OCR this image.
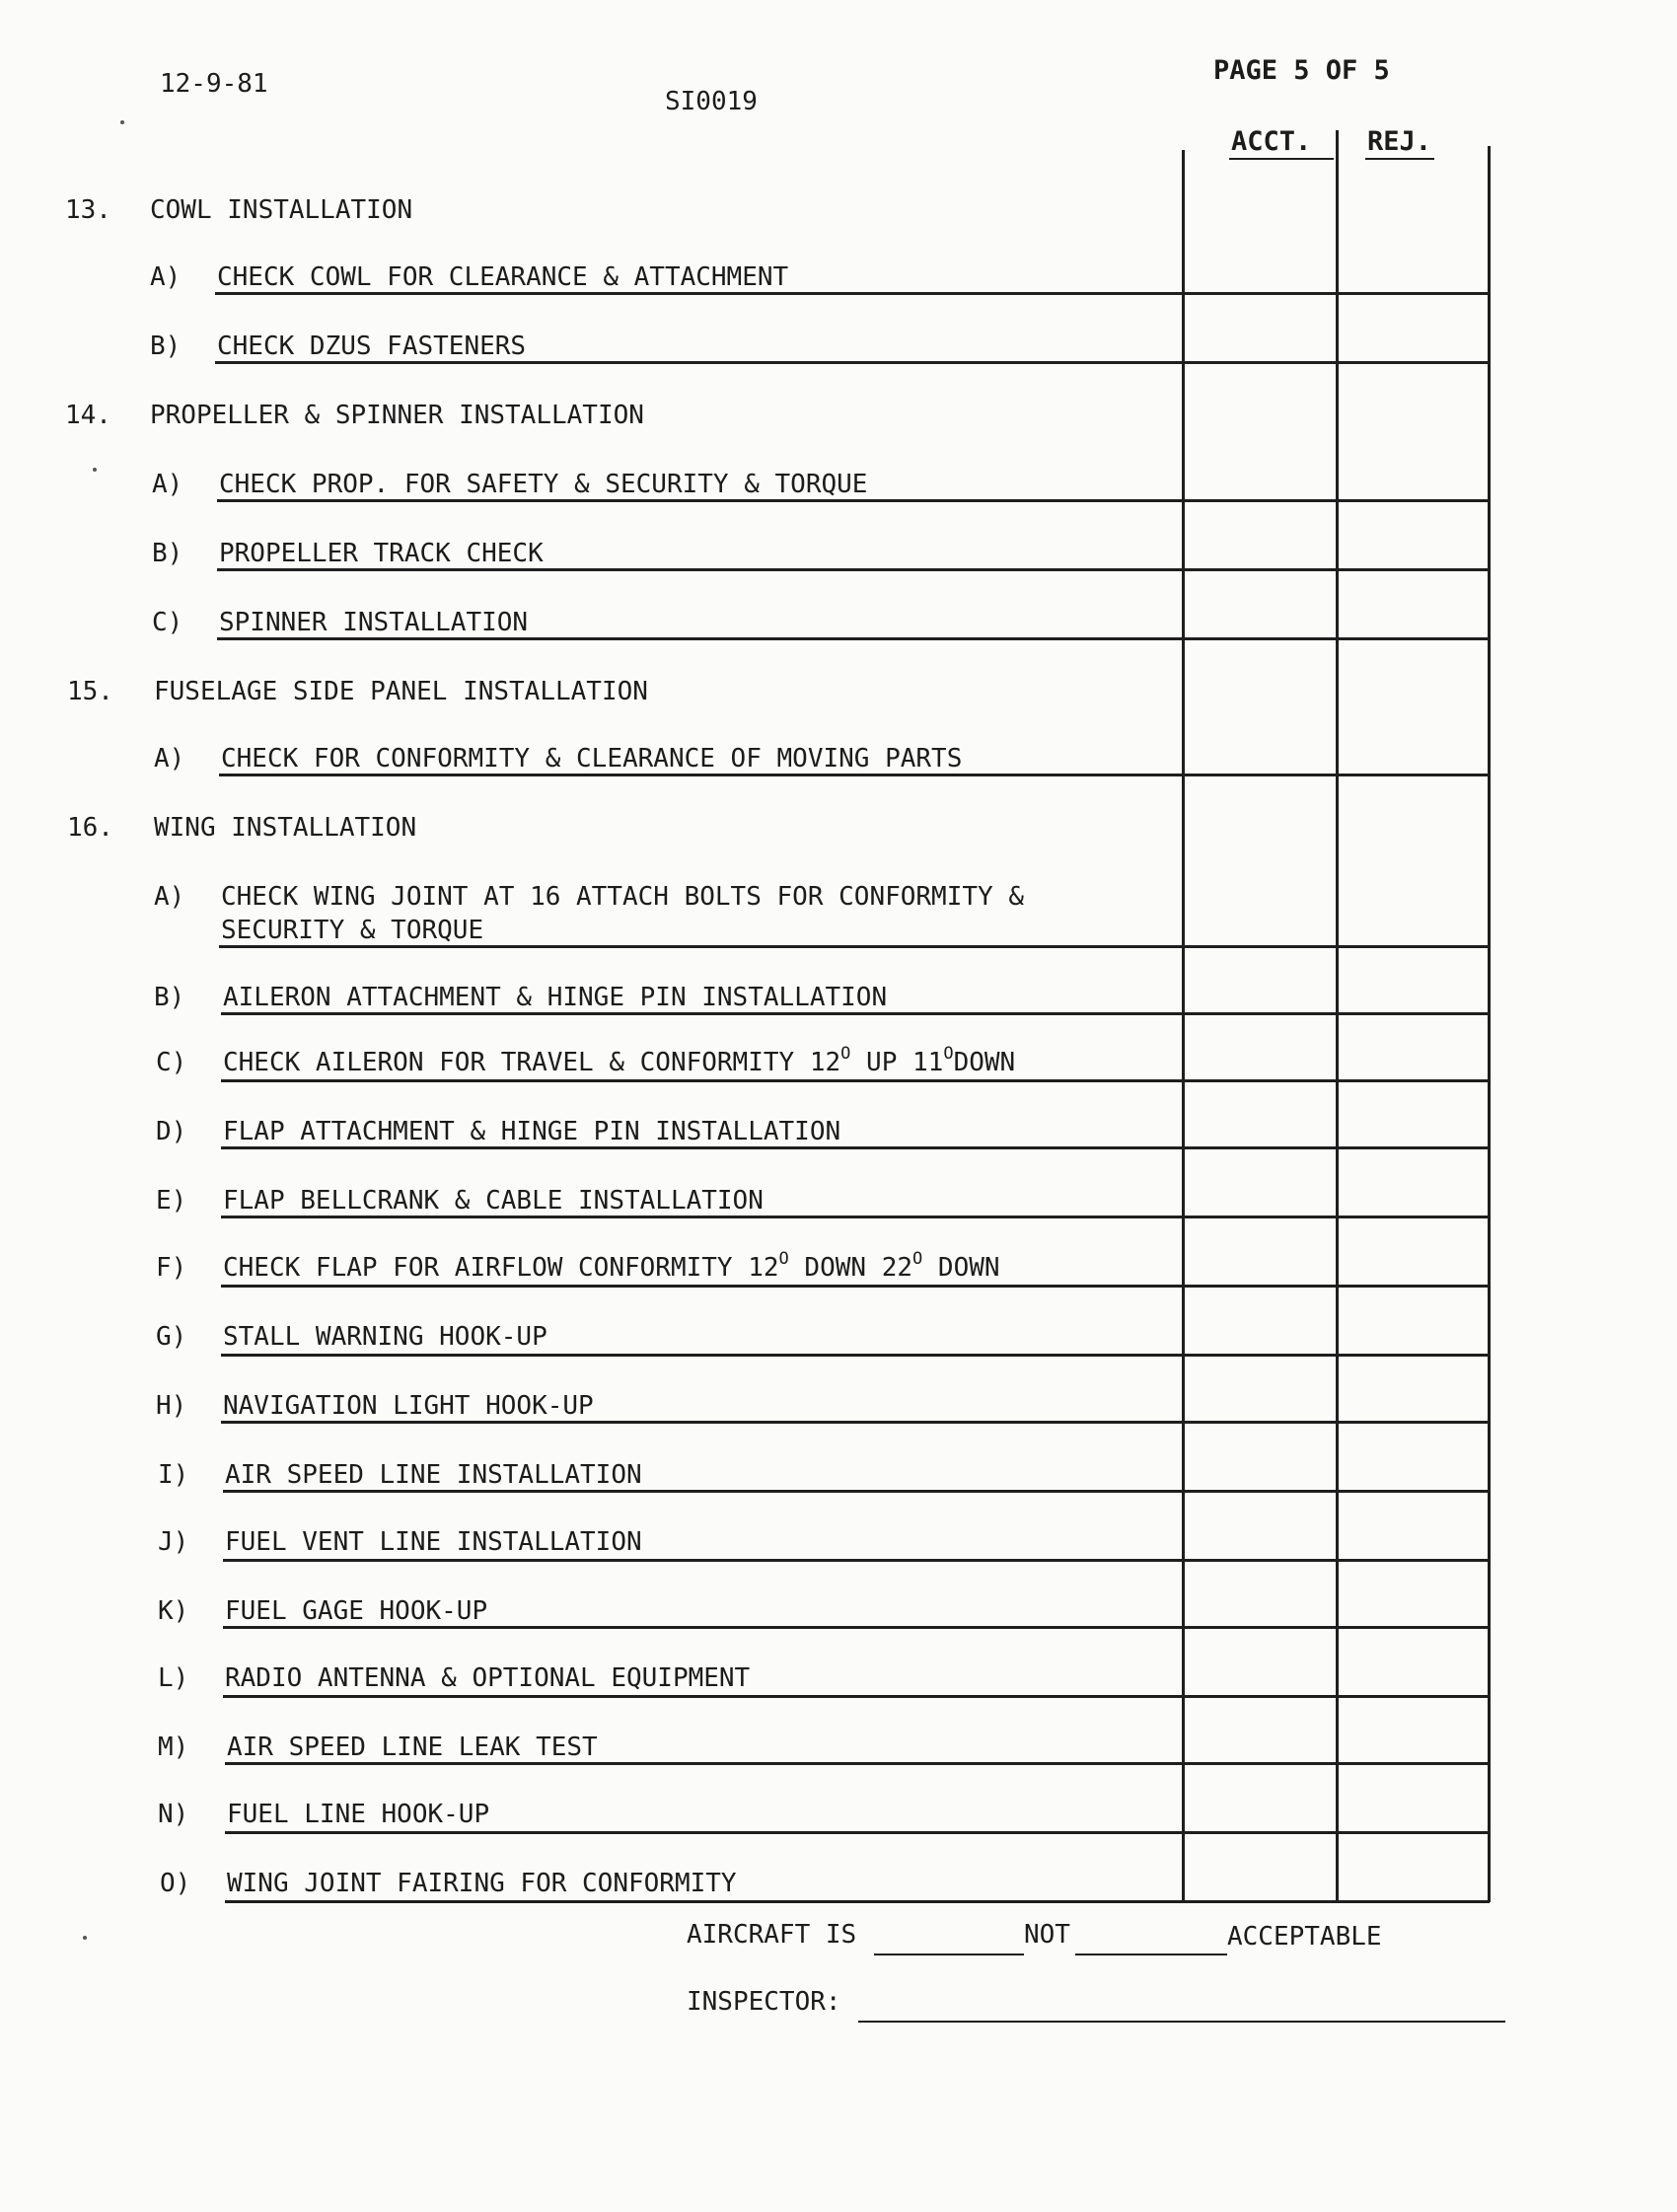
12-9-81
SI0019
PAGE 5 OF 5
ACCT. REJ.
13. COWL INSTALLATION
A) CHECK COWL FOR CLEARANCE & ATTACHMENT
B) CHECK DZUS FASTENERS
14. PROPELLER & SPINNER INSTALLATION
A) CHECK PROP. FOR SAFETY & SECURITY & TORQUE
B) PROPELLER TRACK CHECK
C) SPINNER INSTALLATION
15. FUSELAGE SIDE PANEL INSTALLATION
A) CHECK FOR CONFORMITY & CLEARANCE OF MOVING PARTS
16. WING INSTALLATION
A) CHECK WING JOINT AT 16 ATTACH BOLTS FOR CONFORMITY &
SECURITY & TORQUE
B) AILERON ATTACHMENT & HINGE PIN INSTALLATION
C) CHECK AILERON FOR TRAVEL & CONFORMITY $12^O$ UP $11^ODOWN$
D) FLAP ATTACHMENT & HINGE PIN INSTALLATION
E) FLAP BELLCRANK & CABLE INSTALLATION
F) CHECK FLAP FOR AIRFLOW CONFORMITY $12^O$ DOWN $22^O$ DOWN
G) STALL WARNING HOOK-UP
H) NAVIGATION LIGHT HOOK-UP
I) AIR SPEED LINE INSTALLATION
J) FUEL VENT LINE INSTALLATION
K) FUEL GAGE HOOK-UP
L) RADIO ANTENNA & OPTIONAL EQUIPMENT
M) AIR SPEED LINE LEAK TEST
N) FUEL LINE HOOK-UP
O) WING JOINT FAIRING FOR CONFORMITY
AIRCRAFT IS	NOT	ACCEPTABLE
INSPECTOR:
